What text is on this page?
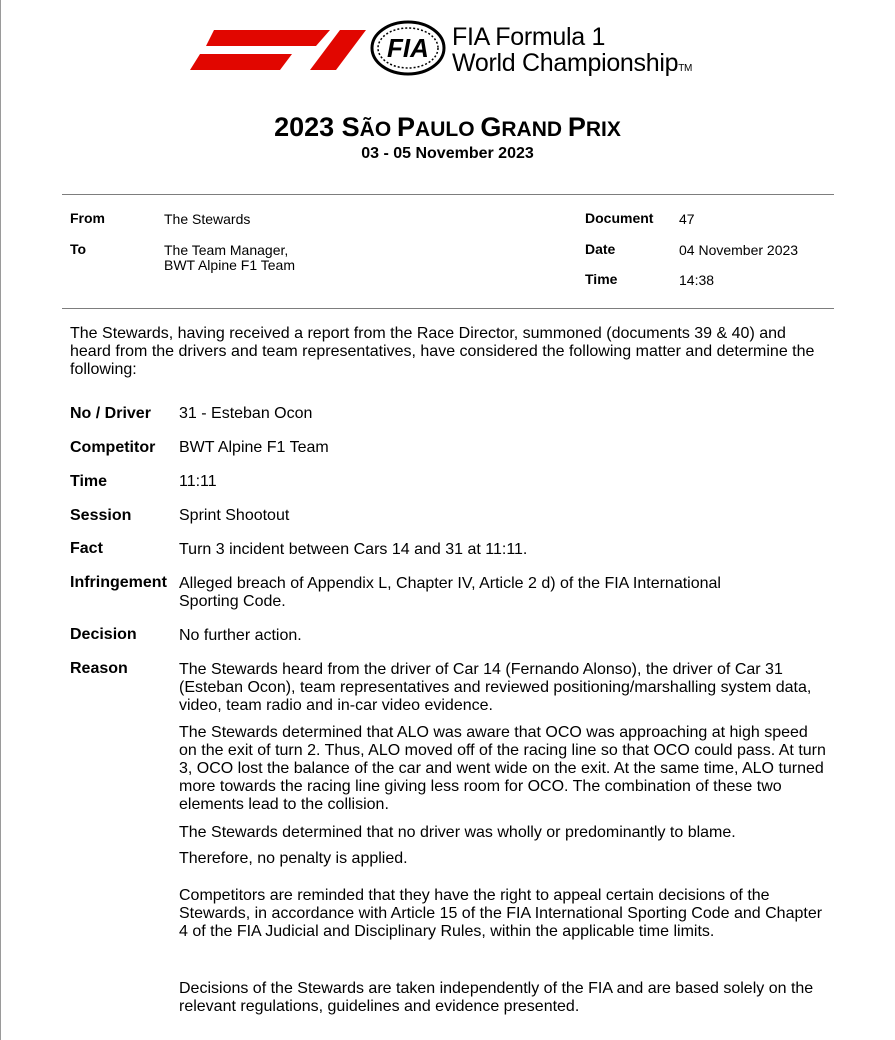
FIA FIA Formula 1
World ChampionshipTM
2023 SÃO PAULO GRAND PRIX
03 - 05 November 2023
From	The Stewards
To	The Team Manager,
BWT Alpine F1 Team
Document 47
Date	04 November 2023
Time	14:38

The Stewards, having received a report from the Race Director, summoned (documents 39 & 40) and heard from the drivers and team representatives, have considered the following matter and determine the following:

No / Driver 31 - Esteban Ocon

Competitor BWT Alpine F1 Team

Time	11:11

Session	Sprint Shootout

Fact	Turn 3 incident between Cars 14 and 31 at 11:11.

Infringement Alleged breach of Appendix L, Chapter IV, Article 2 d) of the FIA International Sporting Code.

Decision	No further action.

Reason	The Stewards heard from the driver of Car 14 (Fernando Alonso), the driver of Car 31 (Esteban Ocon), team representatives and reviewed positioning/marshalling system data, video, team radio and in-car video evidence.

The Stewards determined that ALO was aware that OCO was approaching at high speed on the exit of turn 2. Thus, ALO moved off of the racing line so that OCO could pass. At turn 3, OCO lost the balance of the car and went wide on the exit. At the same time, ALO turned more towards the racing line giving less room for OCO. The combination of these two elements lead to the collision.

The Stewards determined that no driver was wholly or predominantly to blame.

Therefore, no penalty is applied.

Competitors are reminded that they have the right to appeal certain decisions of the Stewards, in accordance with Article 15 of the FIA International Sporting Code and Chapter 4 of the FIA Judicial and Disciplinary Rules, within the applicable time limits.

Decisions of the Stewards are taken independently of the FIA and are based solely on the relevant regulations, guidelines and evidence presented.
